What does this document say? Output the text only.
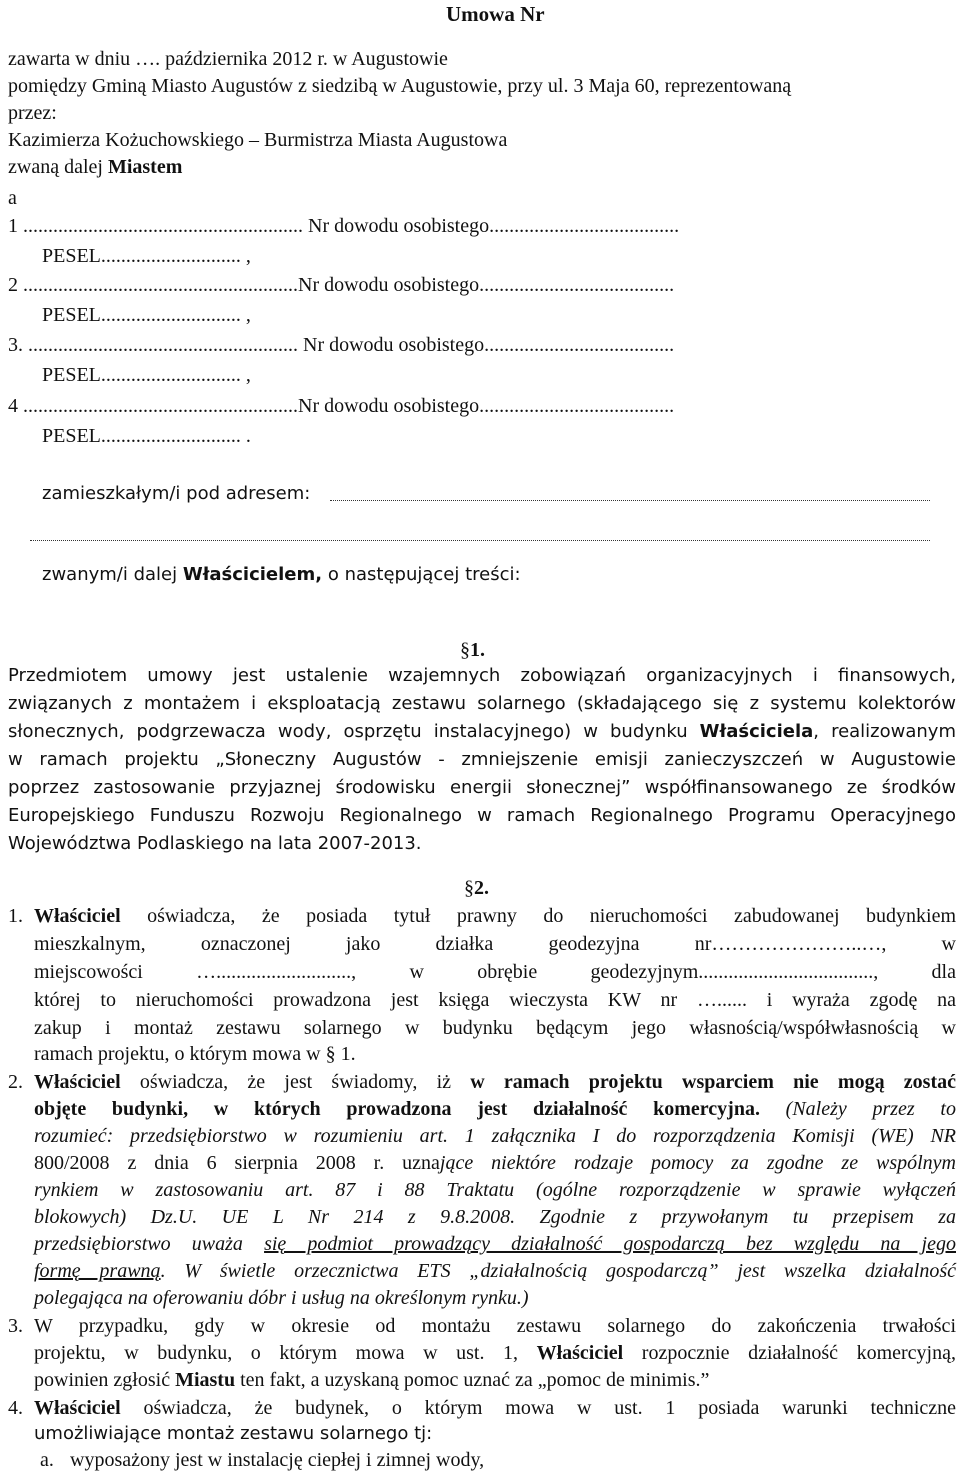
Umowa Nr
zawarta w dniu …. października 2012 r. w Augustowie
pomiędzy Gminą Miasto Augustów z siedzibą w Augustowie, przy ul. 3 Maja 60, reprezentowaną
przez:
Kazimierza Kożuchowskiego – Burmistrza Miasta Augustowa
zwaną dalej Miastem
a
1 ........................................................ Nr dowodu osobistego......................................
PESEL............................ ,
2 .......................................................Nr dowodu osobistego.......................................
PESEL............................ ,
3. ...................................................... Nr dowodu osobistego......................................
PESEL............................ ,
4 .......................................................Nr dowodu osobistego.......................................
PESEL............................ .
zamieszkałym/i pod adresem:
zwanym/i dalej Właścicielem, o następującej treści:
§1.
Przedmiotem umowy jest ustalenie wzajemnych zobowiązań organizacyjnych i finansowych,
związanych z montażem i eksploatacją zestawu solarnego (składającego się z systemu kolektorów
słonecznych, podgrzewacza wody, osprzętu instalacyjnego) w budynku Właściciela, realizowanym
w ramach projektu „Słoneczny Augustów - zmniejszenie emisji zanieczyszczeń w Augustowie
poprzez zastosowanie przyjaznej środowisku energii słonecznej” współfinansowanego ze środków
Europejskiego Funduszu Rozwoju Regionalnego w ramach Regionalnego Programu Operacyjnego
Województwa Podlaskiego na lata 2007-2013.
§2.
1. Właściciel oświadcza, że posiada tytuł prawny do nieruchomości zabudowanej budynkiem
mieszkalnym, oznaczonej jako działka geodezyjna nr…………………..…, w
miejscowości …..........................., w obrębie geodezyjnym..................................., dla
której to nieruchomości prowadzona jest księga wieczysta KW nr …...... i wyraża zgodę na
zakup i montaż zestawu solarnego w budynku będącym jego własnością/współwłasnością w
ramach projektu, o którym mowa w § 1.
2. Właściciel oświadcza, że jest świadomy, iż w ramach projektu wsparciem nie mogą zostać
objęte budynki, w których prowadzona jest działalność komercyjna. (Należy przez to
rozumieć: przedsiębiorstwo w rozumieniu art. 1 załącznika I do rozporządzenia Komisji (WE) NR
800/2008 z dnia 6 sierpnia 2008 r. uznające niektóre rodzaje pomocy za zgodne ze wspólnym
rynkiem w zastosowaniu art. 87 i 88 Traktatu (ogólne rozporządzenie w sprawie wyłączeń
blokowych) Dz.U. UE L Nr 214 z 9.8.2008. Zgodnie z przywołanym tu przepisem za
przedsiębiorstwo uważa się podmiot prowadzący działalność gospodarczą bez względu na jego
formę prawną. W świetle orzecznictwa ETS „działalnością gospodarczą” jest wszelka działalność
polegająca na oferowaniu dóbr i usług na określonym rynku.)
3. W przypadku, gdy w okresie od montażu zestawu solarnego do zakończenia trwałości
projektu, w budynku, o którym mowa w ust. 1, Właściciel rozpocznie działalność komercyjną,
powinien zgłosić Miastu ten fakt, a uzyskaną pomoc uznać za „pomoc de minimis.”
4. Właściciel oświadcza, że budynek, o którym mowa w ust. 1 posiada warunki techniczne
umożliwiające montaż zestawu solarnego tj:
a. wyposażony jest w instalację ciepłej i zimnej wody,
